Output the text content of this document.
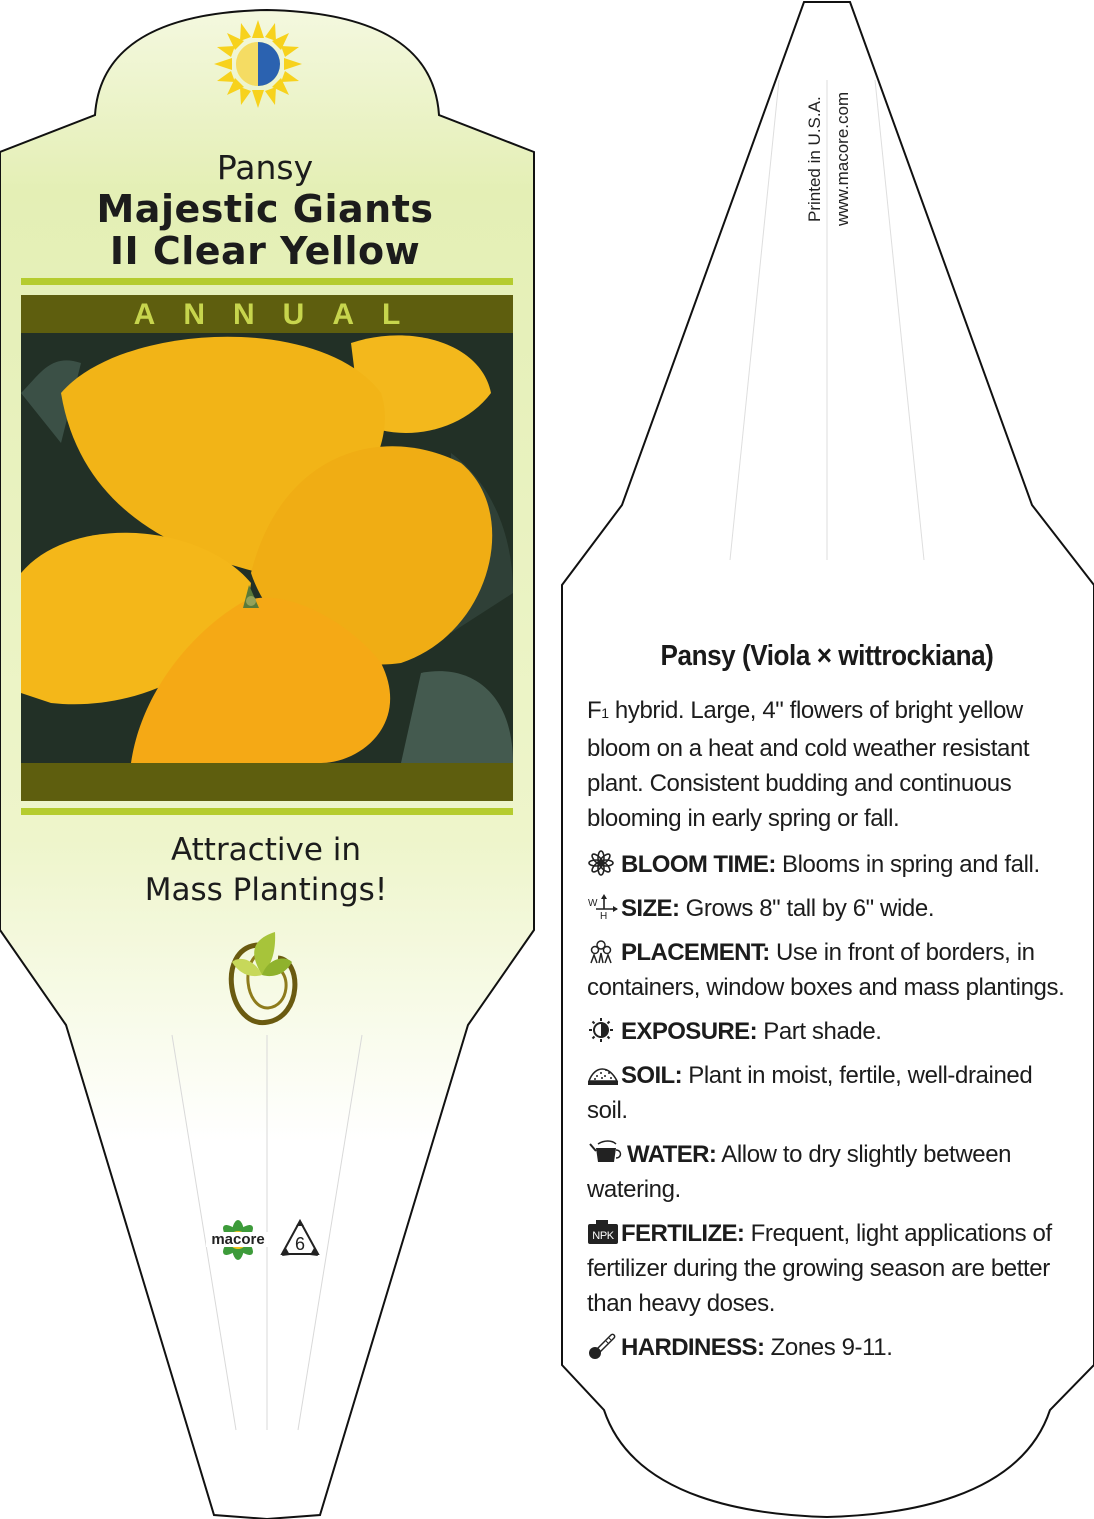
macore 6
Pansy
Majestic Giants
II Clear Yellow
ANNUAL
Attractive in
Mass Plantings!
Printed in U.S.A. www.macore.com
Pansy (Viola × wittrockiana)
F1 hybrid. Large, 4" flowers of bright yellow bloom on a heat and cold weather resistant plant. Consistent budding and continuous blooming in early spring or fall.
BLOOM TIME: Blooms in spring and fall.
W
H SIZE: Grows 8" tall by 6" wide.
PLACEMENT: Use in front of borders, in containers, window boxes and mass plantings.
EXPOSURE: Part shade.
SOIL: Plant in moist, fertile, well-drained soil.
WATER: Allow to dry slightly between watering.
NPK FERTILIZE: Frequent, light applications of fertilizer during the growing season are better than heavy doses.
HARDINESS: Zones 9-11.
